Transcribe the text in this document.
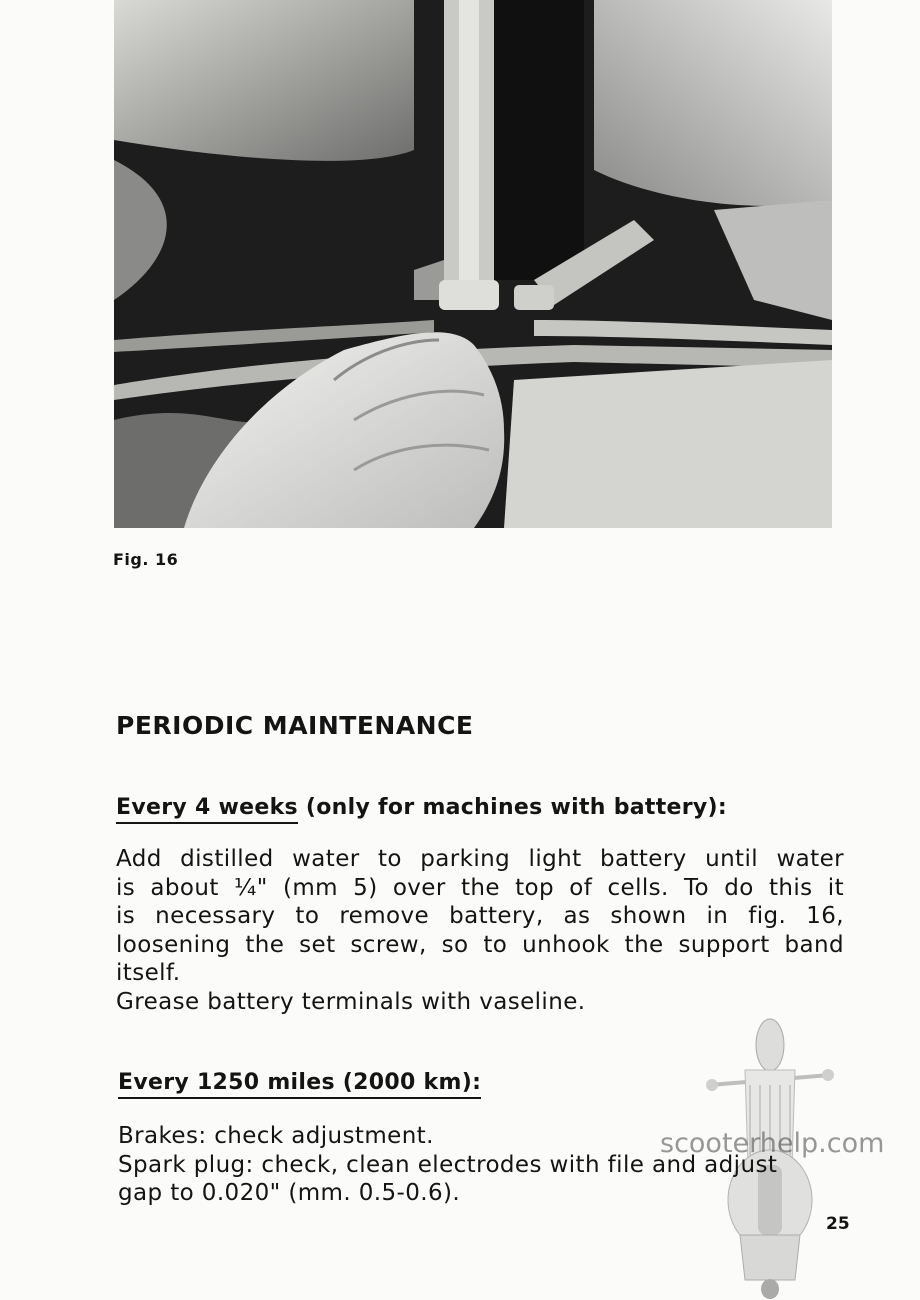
Fig. 16
PERIODIC MAINTENANCE
Every 4 weeks (only for machines with battery):
Add distilled water to parking light battery until water
is about ¼" (mm 5) over the top of cells. To do this it
is necessary to remove battery, as shown in fig. 16,
loosening the set screw, so to unhook the support band
itself.
Grease battery terminals with vaseline.
Every 1250 miles (2000 km):
Brakes: check adjustment.
Spark plug: check, clean electrodes with file and adjust
gap to 0.020" (mm. 0.5-0.6).
scooterhelp.com
25
